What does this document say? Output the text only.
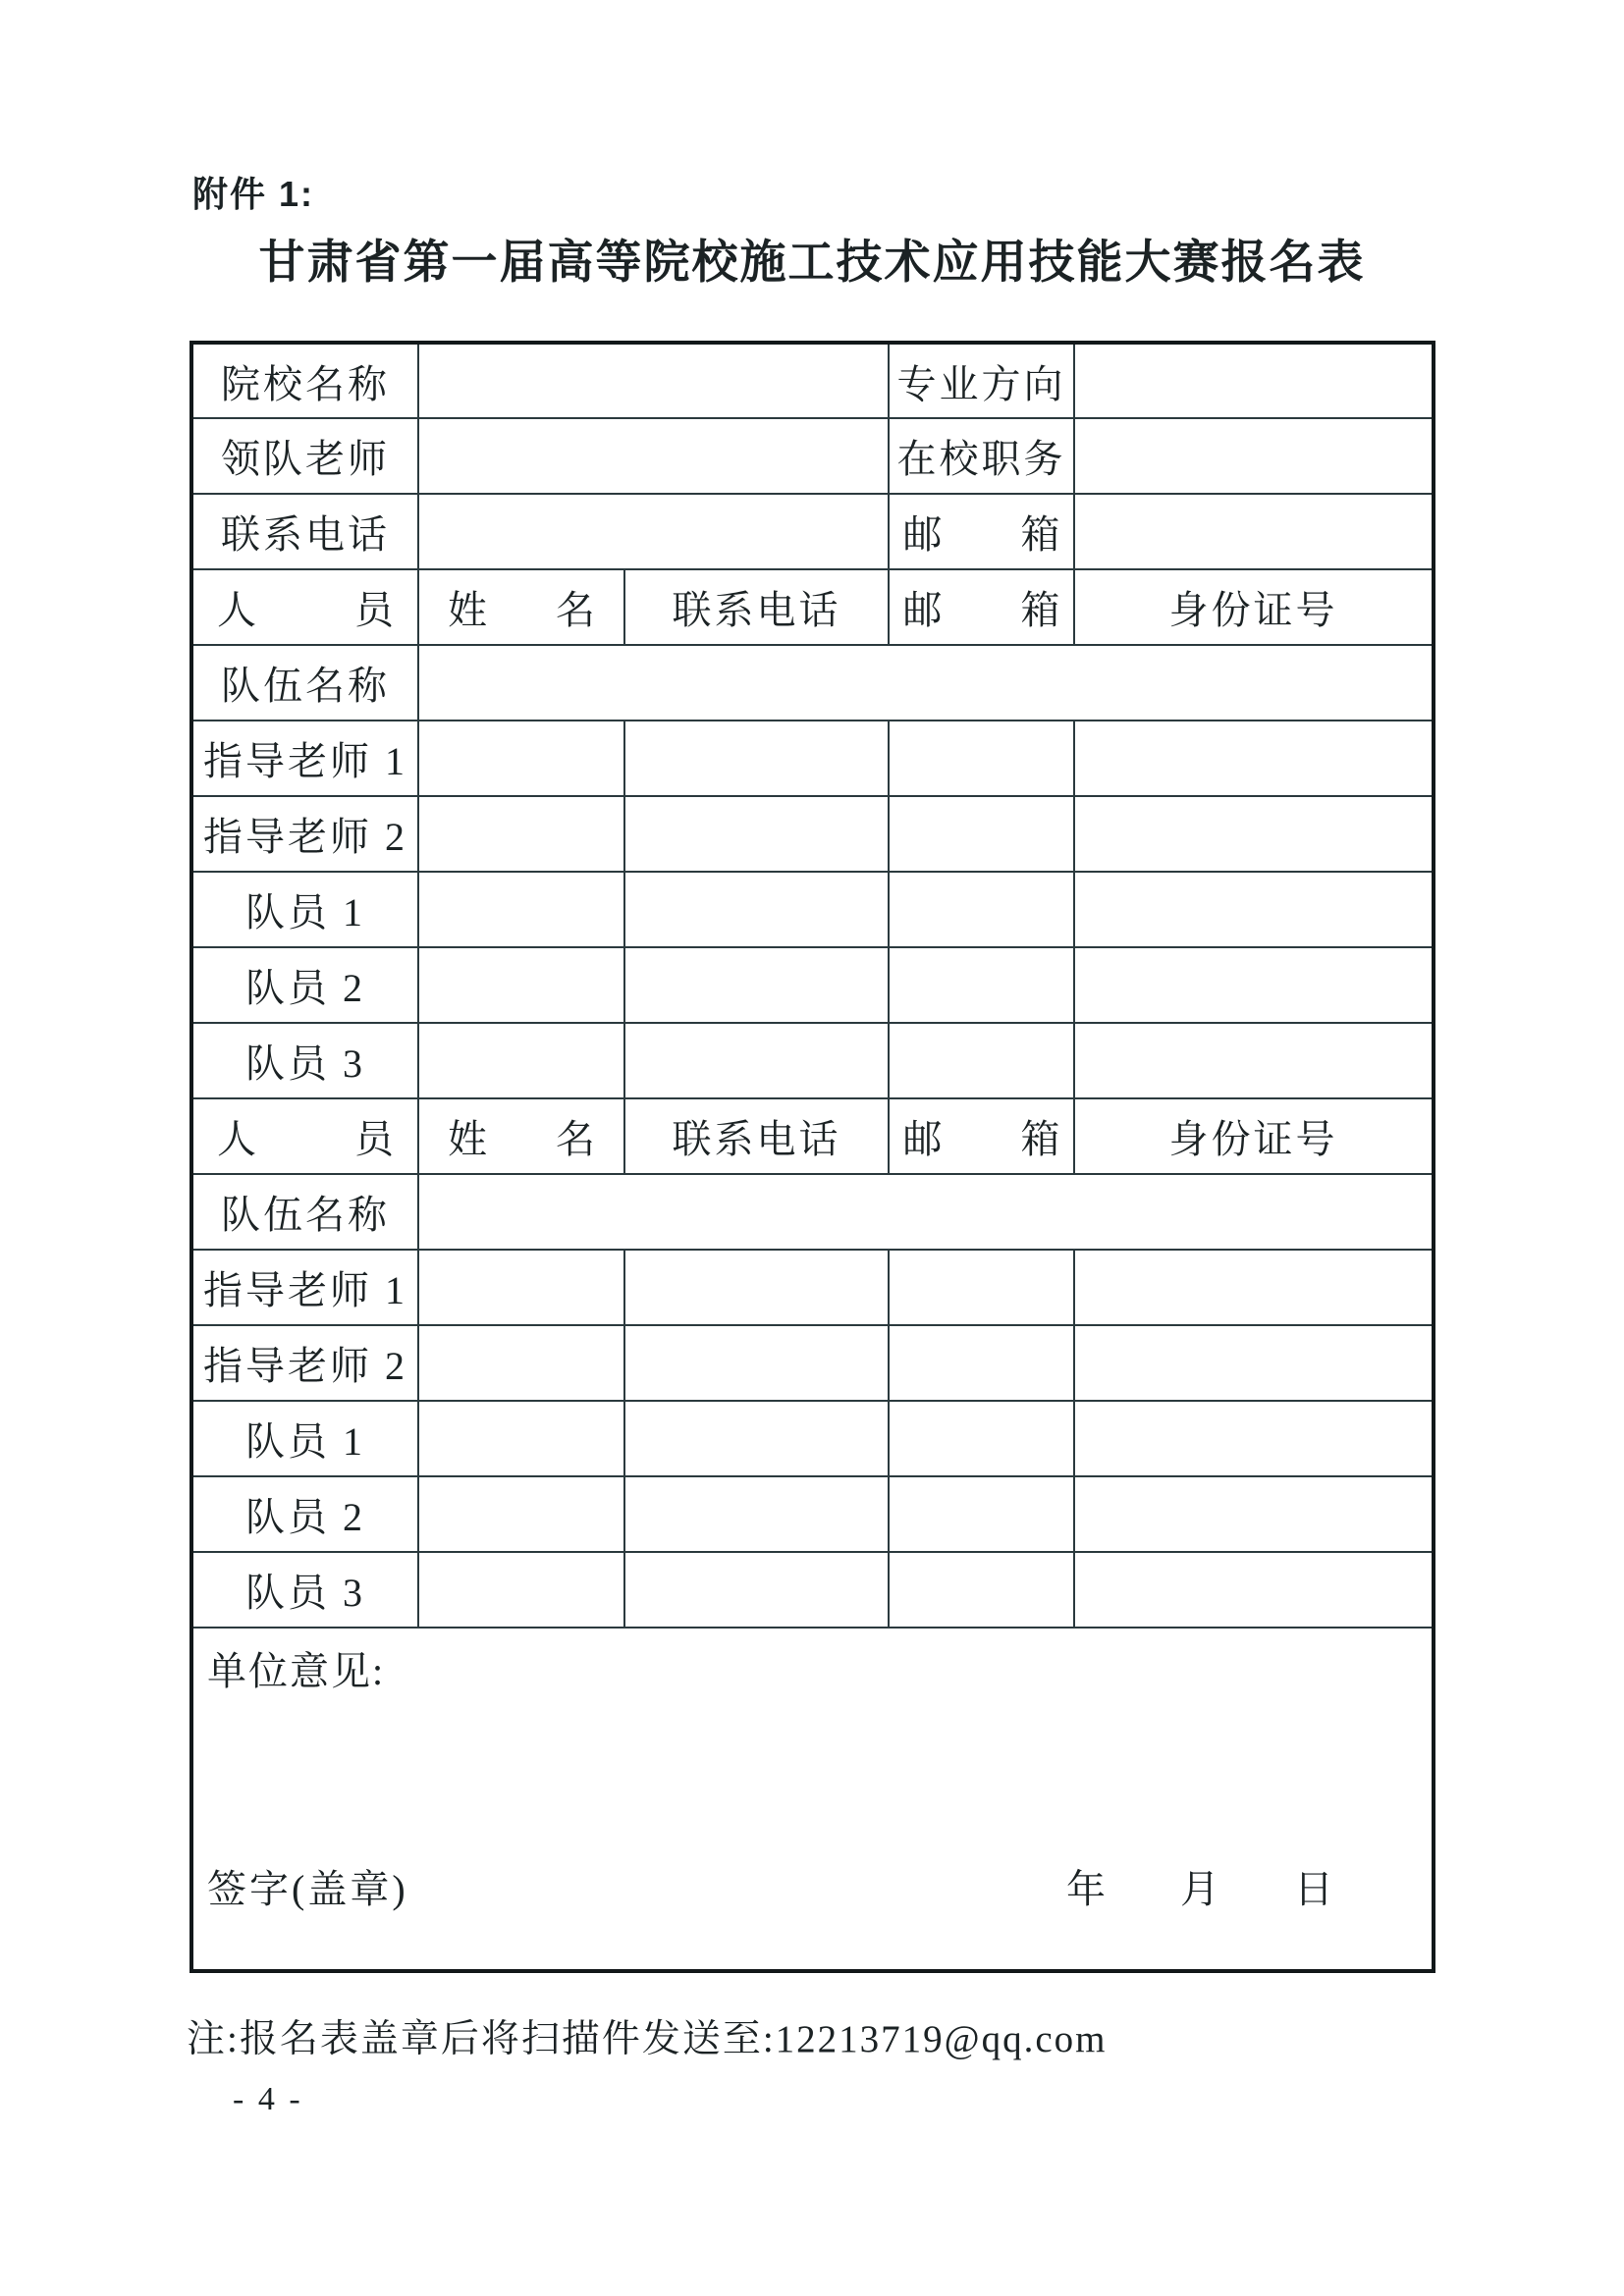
附件 1:
甘肃省第一届高等院校施工技术应用技能大赛报名表
院校名称			专业方向	
领队老师			在校职务	
联系电话			邮箱	
人员	姓名	联系电话	邮箱	身份证号
队伍名称				
指导老师 1				
指导老师 2				
队员 1				
队员 2				
队员 3				
人员	姓名	联系电话	邮箱	身份证号
队伍名称				
指导老师 1				
指导老师 2				
队员 1				
队员 2				
队员 3				

单位意见:
签字(盖章) 年 月 日				
注:报名表盖章后将扫描件发送至:12213719@qq.com
- 4 -
